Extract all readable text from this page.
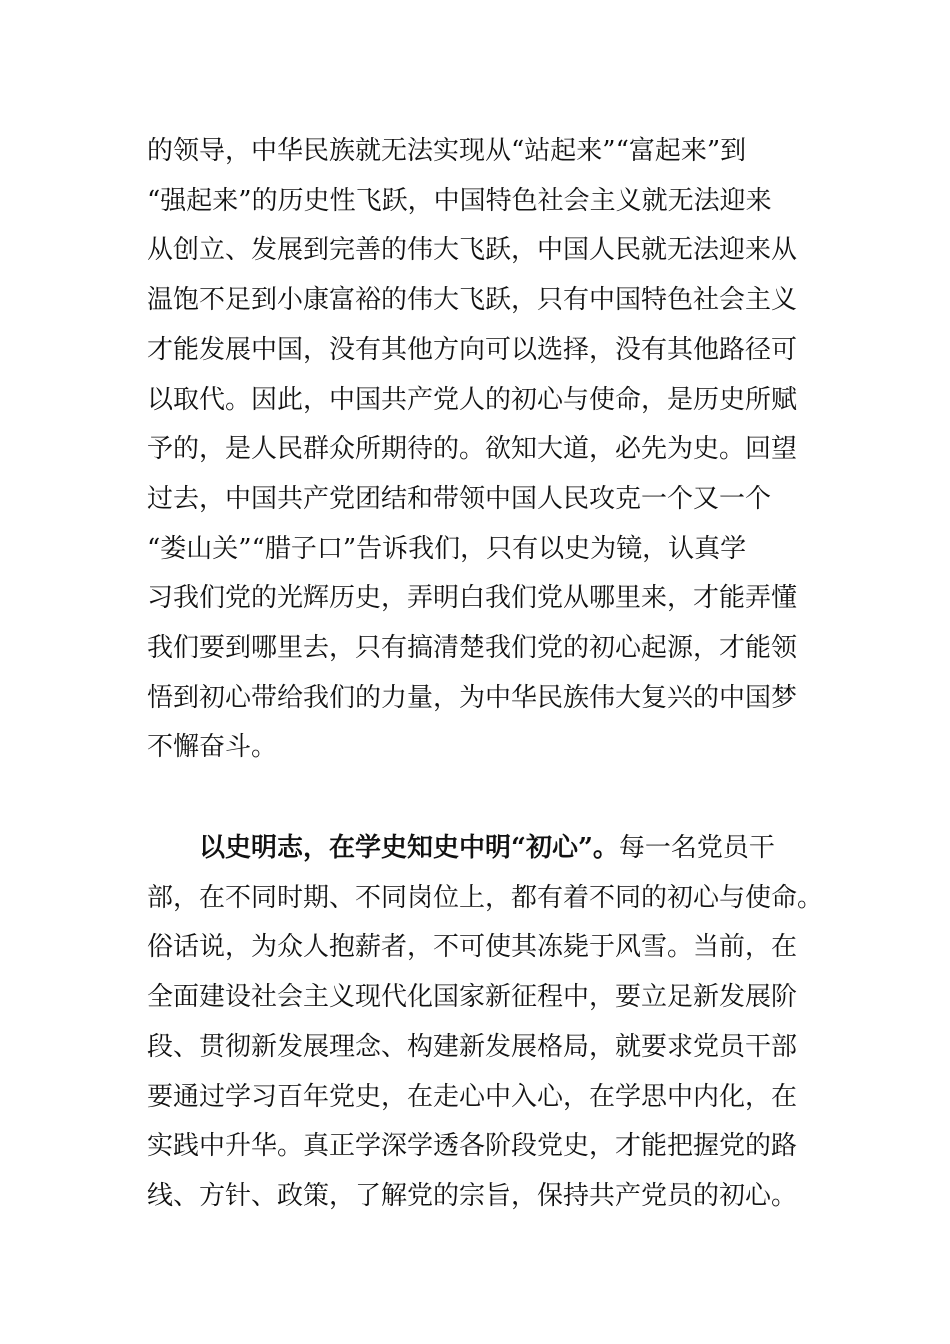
的领导，中华民族就无法实现从“站起来”“富起来”到
“强起来”的历史性飞跃，中国特色社会主义就无法迎来
从创立、发展到完善的伟大飞跃，中国人民就无法迎来从
温饱不足到小康富裕的伟大飞跃，只有中国特色社会主义
才能发展中国，没有其他方向可以选择，没有其他路径可
以取代。因此，中国共产党人的初心与使命，是历史所赋
予的，是人民群众所期待的。欲知大道，必先为史。回望
过去，中国共产党团结和带领中国人民攻克一个又一个
“娄山关”“腊子口”告诉我们，只有以史为镜，认真学
习我们党的光辉历史，弄明白我们党从哪里来，才能弄懂
我们要到哪里去，只有搞清楚我们党的初心起源，才能领
悟到初心带给我们的力量，为中华民族伟大复兴的中国梦
不懈奋斗。

以史明志，在学史知史中明“初心”。每一名党员干
部，在不同时期、不同岗位上，都有着不同的初心与使命。
俗话说，为众人抱薪者，不可使其冻毙于风雪。当前，在
全面建设社会主义现代化国家新征程中，要立足新发展阶
段、贯彻新发展理念、构建新发展格局，就要求党员干部
要通过学习百年党史，在走心中入心，在学思中内化，在
实践中升华。真正学深学透各阶段党史，才能把握党的路
线、方针、政策，了解党的宗旨，保持共产党员的初心。
